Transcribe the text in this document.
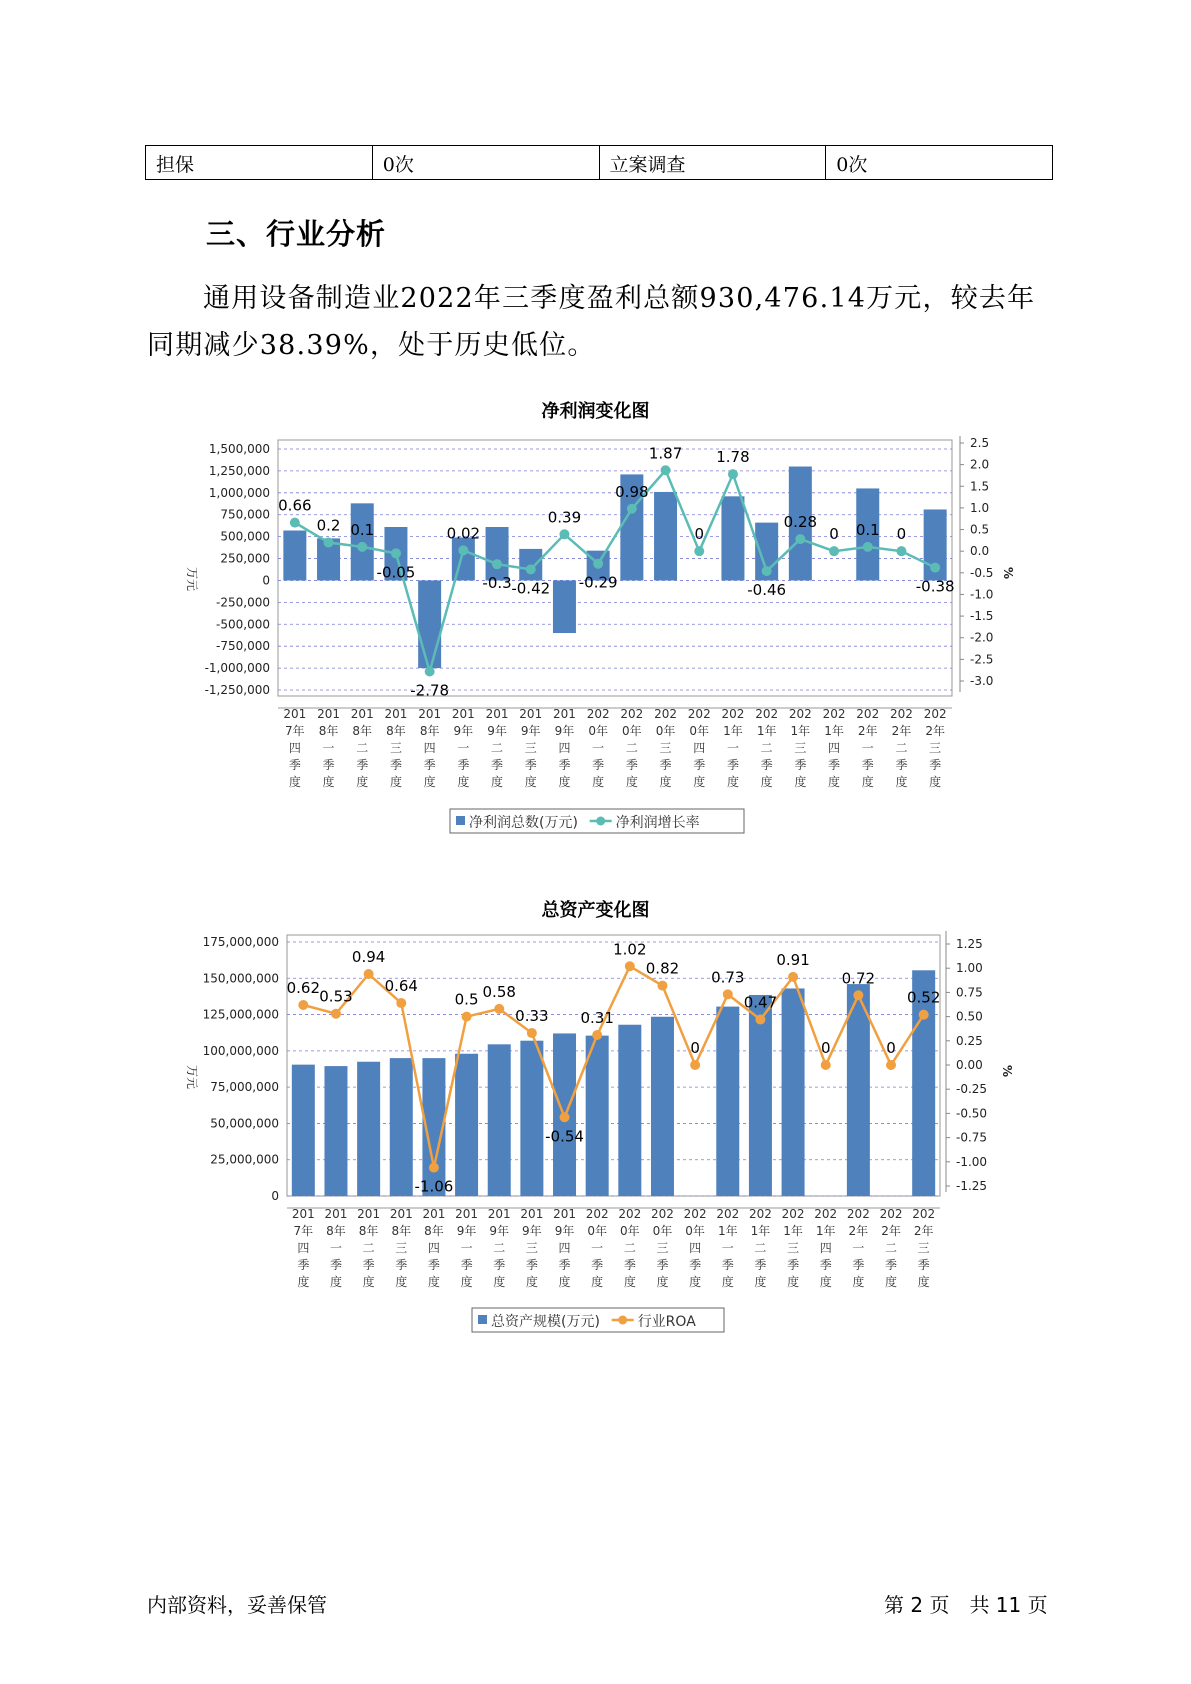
担保	0次	立案调查	0次
三、行业分析

通用设备制造业2022年三季度盈利总额930,476.14万元，较去年同期减少38.39%，处于历史低位。

净利润变化图
1,500,000
1,250,000
1,000,000
750,000
500,000
250,000
0
-250,000
-500,000
-750,000
-1,000,000
-1,250,000
2.5
2.0
1.5
1.0
0.5
0.0
-0.5
-1.0
-1.5
-2.0
-2.5
-3.0
万元	%
0.66
0.2 0.1
-0.05
-2.78
0.02
-0.3 -0.42
0.39
-0.29
0.98
1.87
0
1.78
-0.46
0.28
0 0.1 0
-0.38
201 7年四季度
201 8年一季度
201 8年二季度
201 8年三季度
201 8年四季度
201 9年一季度
201 9年二季度
201 9年三季度
201 9年四季度
202 0年一季度
202 0年二季度
202 0年三季度
202 0年四季度
202 1年一季度
202 1年二季度
202 1年三季度
202 1年四季度
202 2年一季度
202 2年二季度
202 2年三季度
净利润总数(万元)	净利润增长率
总资产变化图
175,000,000
150,000,000
125,000,000
100,000,000
75,000,000
50,000,000
25,000,000
0
1.25
1.00
0.75
0.50
0.25
0.00
-0.25
-0.50
-0.75
-1.00
-1.25
万元	%
0.62 0.53
0.94
0.64
-1.06
0.5 0.58
0.33
-0.54
0.31
1.02
0.82
0
0.73
0.47
0.91
0
0.72
0
0.52
201 7年四季度
201 8年一季度
201 8年二季度
201 8年三季度
201 8年四季度
201 9年一季度
201 9年二季度
201 9年三季度
201 9年四季度
202 0年一季度
202 0年二季度
202 0年三季度
202 0年四季度
202 1年一季度
202 1年二季度
202 1年三季度
202 1年四季度
202 2年一季度
202 2年二季度
202 2年三季度
总资产规模(万元)	行业ROA
内部资料，妥善保管	第 2 页　共 11 页
